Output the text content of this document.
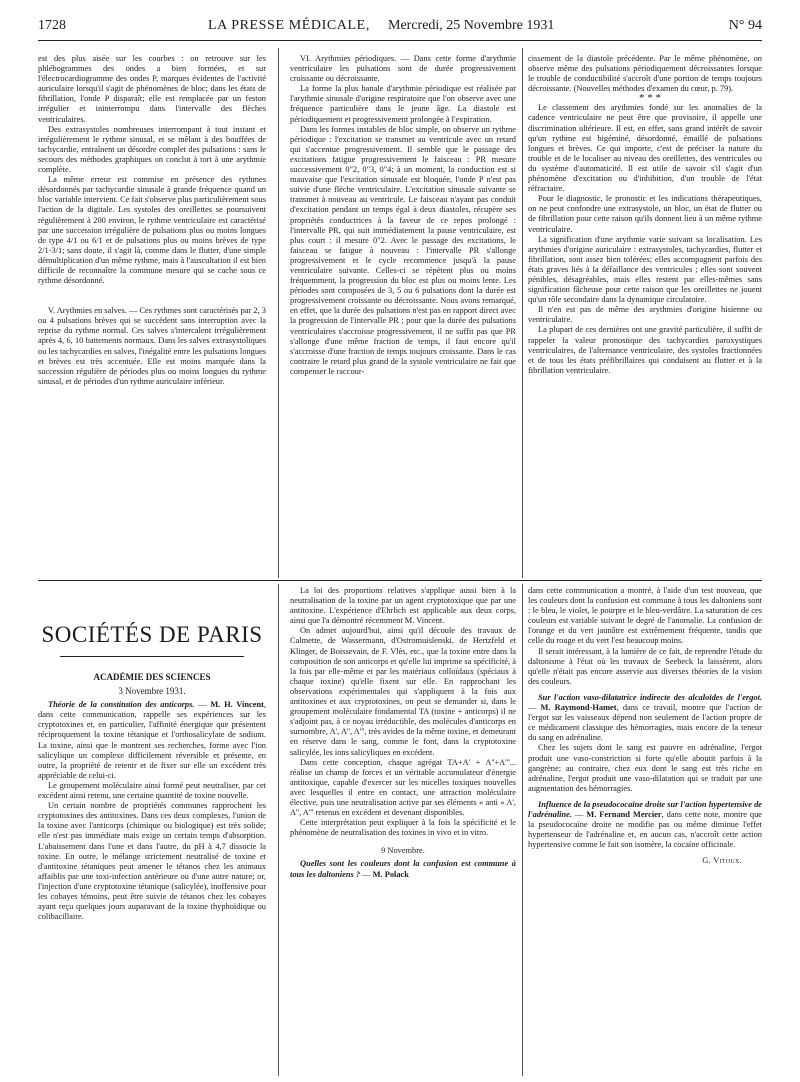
1728	LA PRESSE MÉDICALE, Mercredi, 25 Novembre 1931	N° 94

est des plus aisée sur les courbes : on retrouve sur les phlébogrammes des ondes a bien formées, et sur l'électrocardiogramme des ondes P, marques évidentes de l'activité auriculaire lorsqu'il s'agit de phénomènes de bloc; dans les états de fibrillation, l'onde P disparaît; elle est remplacée par un feston irrégulier et ininterrompu dans l'intervalle des flèches ventriculaires.

Des extrasystoles nombreuses interrompant à tout instant et irrégulièrement le rythme sinusal, et se mêlant à des bouffées de tachycardie, entraînent un désordre complet des pulsations : sans le secours des méthodes graphiques on conclut à tort à une arythmie complète.

La même erreur est commise en présence des rythmes désordonnés par tachycardie sinusale à grande fréquence quand un bloc variable intervient. Ce fait s'observe plus particulièrement sous l'action de la digitale. Les systoles des oreillettes se poursuivent régulièrement à 200 environ, le rythme ventriculaire est caractérisé par une succession irrégulière de pulsations plus ou moins longues de type 4/1 ou 6/1 et de pulsations plus ou moins brèves de type 2/1-3/1; sans doute, il s'agit là, comme dans le flutter, d'une simple démultiplication d'un même rythme, mais à l'auscultation il est bien difficile de reconnaître la commune mesure qui se cache sous ce rythme désordonné.

V. Arythmies en salves. — Ces rythmes sont caractérisés par 2, 3 ou 4 pulsations brèves qui se succèdent sans interruption avec la reprise du rythme normal. Ces salves s'intercalent irrégulièrement après 4, 6, 10 battements normaux. Dans les salves extrasystoliques ou les tachycardies en salves, l'inégalité entre les pulsations longues et brèves est très accentuée. Elle est moins marquée dans la succession régulière de périodes plus ou moins longues du rythme sinusal, et de périodes d'un rythme auriculaire inférieur.

VI. Arythmies périodiques. — Dans cette forme d'arythmie ventriculaire les pulsations sont de durée progressivement croissante ou décroissante.

La forme la plus banale d'arythmie périodique est réalisée par l'arythmie sinusale d'origine respiratoire que l'on observe avec une fréquence particulière dans le jeune âge. La diastole est périodiquement et progressivement prolongée à l'expiration.

Dans les formes instables de bloc simple, on observe un rythme périodique : l'excitation se transmet au ventricule avec un retard qui s'accentue progressivement. Il semble que le passage des excitations fatigue progressivement le faisceau : PR mesure successivement 0"2, 0"3, 0"4; à un moment, la conduction est si mauvaise que l'excitation sinusale est bloquée, l'onde P n'est pas suivie d'une flèche ventriculaire. L'excitation sinusale suivante se transmet à nouveau au ventricule. Le faisceau n'ayant pas conduit d'excitation pendant un temps égal à deux diastoles, récupère ses propriétés conductrices à la faveur de ce repos prolongé : l'intervalle PR, qui suit immédiatement la pause ventriculaire, est plus court : il mesure 0"2. Avec le passage des excitations, le faisceau se fatigue à nouveau : l'intervalle PR s'allonge progressivement et le cycle recommence jusqu'à la pause ventriculaire suivante. Celles-ci se répètent plus ou moins fréquemment, la progression du bloc est plus ou moins lente. Les périodes sont composées de 3, 5 ou 6 pulsations dont la durée est progressivement croissante ou décroissante. Nous avons remarqué, en effet, que la durée des pulsations n'est pas en rapport direct avec la progression de l'intervalle PR ; pour que la durée des pulsations ventriculaires s'accroisse progressivement, il ne suffit pas que PR s'allonge d'une même fraction de temps, il faut encore qu'il s'accroisse d'une fraction de temps toujours croissante. Dans le cas contraire le retard plus grand de la systole ventriculaire ne fait que compenser le raccour-

cissement de la diastole précédente. Par le même phénomène, on observe même des pulsations périodiquement décroissantes lorsque le trouble de conductibilité s'accroît d'une portion de temps toujours décroissante. (Nouvelles méthodes d'examen du cœur, p. 79).

* * *

Le classement des arythmies fondé sur les anomalies de la cadence ventriculaire ne peut être que provisoire, il appelle une discrimination ultérieure. Il est, en effet, sans grand intérêt de savoir qu'un rythme est bigéminé, désordonné, émaillé de pulsations longues et brèves. Ce qui importe, c'est de préciser la nature du trouble et de le localiser au niveau des oreillettes, des ventricules ou du système d'automaticité. Il est utile de savoir s'il s'agit d'un phénomène d'excitation ou d'inhibition, d'un trouble de l'état réfractaire.

Pour le diagnostic, le pronostic et les indications thérapeutiques, on ne peut confondre une extrasystole, un bloc, un état de flutter ou de fibrillation pour cette raison qu'ils donnent lieu à un même rythme ventriculaire.

La signification d'une arythmie varie suivant sa localisation. Les arythmies d'origine auriculaire : extrasystoles, tachycardies, flutter et fibrillation, sont assez bien tolérées; elles accompagnent parfois des états graves liés à la défaillance des ventricules ; elles sont souvent pénibles, désagréables, mais elles restent par elles-mêmes sans signification fâcheuse pour cette raison que les oreillettes ne jouent qu'un rôle secondaire dans la dynamique circulatoire.

Il n'en est pas de même des arythmies d'origine hisienne ou ventriculaire.

La plupart de ces dernières ont une gravité particulière, il suffit de rappeler la valeur pronostique des tachycardies paroxystiques ventriculaires, de l'alternance ventriculaire, des systoles fractionnées et de tous les états préfibrillaires qui conduisent au flutter et à la fibrillation ventriculaire.

SOCIÉTÉS DE PARIS

ACADÉMIE DES SCIENCES

3 Novembre 1931.

Théorie de la constitution des anticorps. — M. H. Vincent, dans cette communication, rappelle ses expériences sur les cryptotoxines et, en particulier, l'affinité énergique que présentent réciproquement la toxine tétanique et l'orthosalicylate de sodium. La toxine, ainsi que le montrent ses recherches, forme avec l'ion salicylique un complexe difficilement réversible et présente, en outre, la propriété de retenir et de fixer sur elle un excédent très appréciable de celui-ci.

Le groupement moléculaire ainsi formé peut neutraliser, par cet excédent ainsi retenu, une certaine quantité de toxine nouvelle.

Un certain nombre de propriétés communes rapprochent les cryptotoxines des antitoxines. Dans ces deux complexes, l'union de la toxine avec l'anticorps (chimique ou biologique) est très solide; elle n'est pas immédiate mais exige un certain temps d'absorption. L'abaissement dans l'une et dans l'autre, du pH à 4,7 dissocie la toxine. En outre, le mélange strictement neutralisé de toxine et d'antitoxine tétaniques peut amener le tétanos chez les animaux affaiblis par une toxi-infection antérieure ou d'une autre nature; or, l'injection d'une cryptotoxine tétanique (salicylée), inoffensive pour les cobayes témoins, peut être suivie de tétanos chez les cobayes ayant reçu quelques jours auparavant de la toxine thyphoïdique ou colibacillaire.

La loi des proportions relatives s'applique aussi bien à la neutralisation de la toxine par un agent cryptotoxique que par une antitoxine. L'expérience d'Ehrlich est applicable aux deux corps, ainsi que l'a démontré récemment M. Vincent.

On admet aujourd'hui, ainsi qu'il découle des travaux de Calmette, de Wassermann, d'Ostromuislenski, de Hertzfeld et Klinger, de Boissevain, de F. Vlès, etc., que la toxine entre dans la composition de son anticorps et qu'elle lui imprime sa spécificité, à la fois par elle-même et par les matériaux colloïdaux (spéciaux à chaque toxine) qu'elle fixent sur elle. En rapprochant les observations expérimentales qui s'appliquent à la fois aux antitoxines et aux cryptotoxines, on peut se demander si, dans le groupement moléculaire fondamental TA (toxine + anticorps) il ne s'adjoint pas, à ce noyau irréductible, des molécules d'anticorps en surnombre, A', A'', A''', très avides de la même toxine, et demeurant en réserve dans le sang, comme le font, dans la cryptotoxine salicylée, les ions salicyliques en excédent.

Dans cette conception, chaque agrégat TA+A' + A''+A'''... réalise un champ de forces et un véritable accumulateur d'énergie antitoxique, capable d'exercer sur les micelles toxiques nouvelles avec lesquelles il entre en contact, une attraction moléculaire élective, puis une neutralisation active par ses éléments « anti » A', A'', A''' retenus en excédent et devenant disponibles.

Cette interprétation peut expliquer à la fois la spécificité et le phénomène de neutralisation des toxines in vivo et in vitro.

9 Novembre.

Quelles sont les couleurs dont la confusion est commune à tous les daltoniens ? — M. Polack

dans cette communication a montré, à l'aide d'un test nouveau, que les couleurs dont la confusion est commune à tous les daltoniens sont : le bleu, le violet, le pourpre et le bleu-verdâtre. La saturation de ces couleurs est variable suivant le degré de l'anomalie. La confusion de l'orange et du vert jaunâtre est extrêmement fréquente, tandis que celle du rouge et du vert l'est beaucoup moins.

Il serait intéressant, à la lumière de ce fait, de reprendre l'étude du daltonisme à l'état où les travaux de Seebeck la laissèrent, alors qu'elle n'était pas encore asservie aux diverses théories de la vision des couleurs.

Sur l'action vaso-dilatatrice indirecte des alcaloïdes de l'ergot. — M. Raymond-Hamet, dans ce travail, montre que l'action de l'ergot sur les vaisseaux dépend non seulement de l'action propre de ce médicament classique des hémorragies, mais encore de la teneur du sang en adrénaline.

Chez les sujets dont le sang est pauvre en adrénaline, l'ergot produit une vaso-constriction si forte qu'elle aboutit parfois à la gangrène; au contraire, chez eux dont le sang est très riche en adrénaline, l'ergot produit une vaso-dilatation qui se traduit par une augmentation des hémorragies.

Influence de la pseudococaïne droite sur l'action hypertensive de l'adrénaline. — M. Fernand Mercier, dans cette note, montre que la pseudococaïne droite ne modifie pas ou même diminue l'effet hypertenseur de l'adrénaline et, en aucun cas, n'accroît cette action hypertensive comme le fait son isomère, la cocaïne officinale.

G. Vitoux.
